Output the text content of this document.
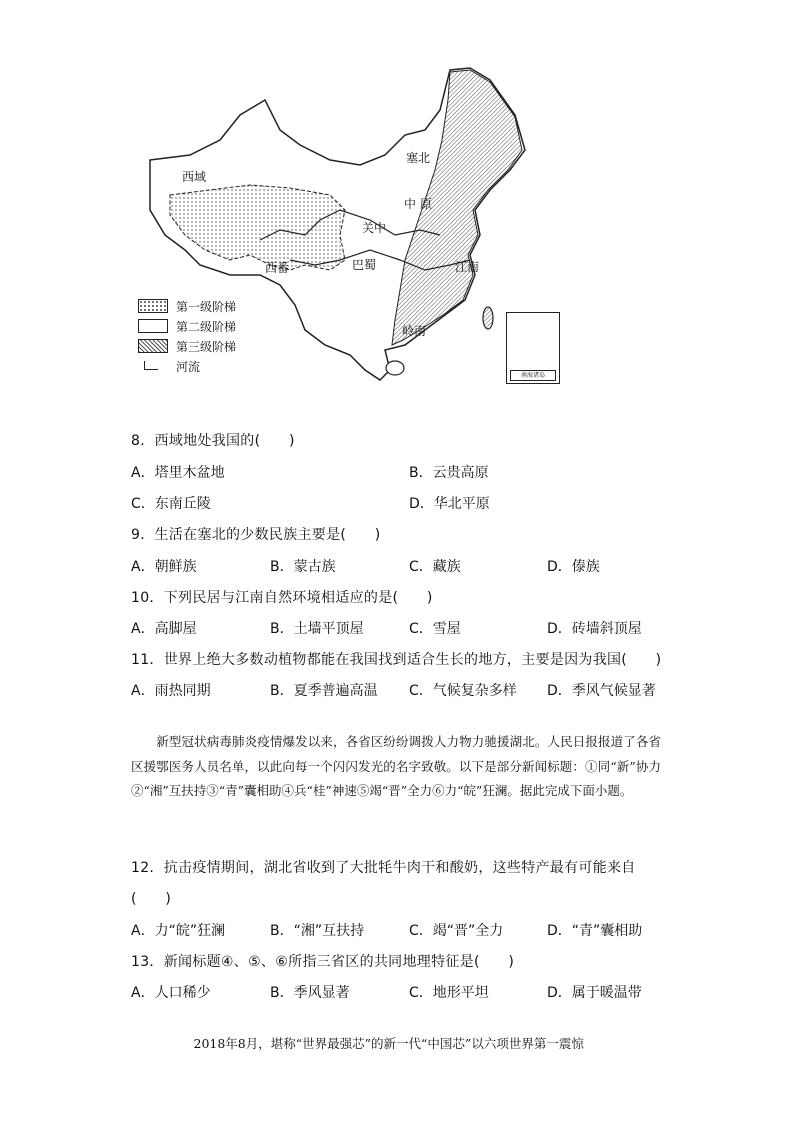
西域
塞北
中 原
关中
巴蜀
西番	江南
岭南
南海诸岛
第一级阶梯
第二级阶梯
第三级阶梯
河流
8．西域地处我国的(　　)
A．塔里木盆地	B．云贵高原
C．东南丘陵	D．华北平原
9．生活在塞北的少数民族主要是(　　)
A．朝鲜族	B．蒙古族	C．藏族	D．傣族
10．下列民居与江南自然环境相适应的是(　　)
A．高脚屋	B．土墙平顶屋	C．雪屋	D．砖墙斜顶屋
11．世界上绝大多数动植物都能在我国找到适合生长的地方，主要是因为我国(　　)
A．雨热同期	B．夏季普遍高温 C．气候复杂多样 D．季风气候显著
　　新型冠状病毒肺炎疫情爆发以来，各省区纷纷调拨人力物力驰援湖北。人民日报报道了各省区援鄂医务人员名单，以此向每一个闪闪发光的名字致敬。以下是部分新闻标题：①同“新”协力②“湘”互扶持③“青”囊相助④兵“桂”神速⑤竭“晋”全力⑥力“皖”狂澜。据此完成下面小题。
12．抗击疫情期间，湖北省收到了大批牦牛肉干和酸奶，这些特产最有可能来自
(　　)
A．力“皖”狂澜	B．“湘”互扶持	C．竭“晋”全力	D．“青”囊相助
13．新闻标题④、⑤、⑥所指三省区的共同地理特征是(　　)
A．人口稀少	B．季风显著	C．地形平坦	D．属于暖温带
　　　　　2018年8月，堪称“世界最强芯”的新一代“中国芯”以六项世界第一震惊
